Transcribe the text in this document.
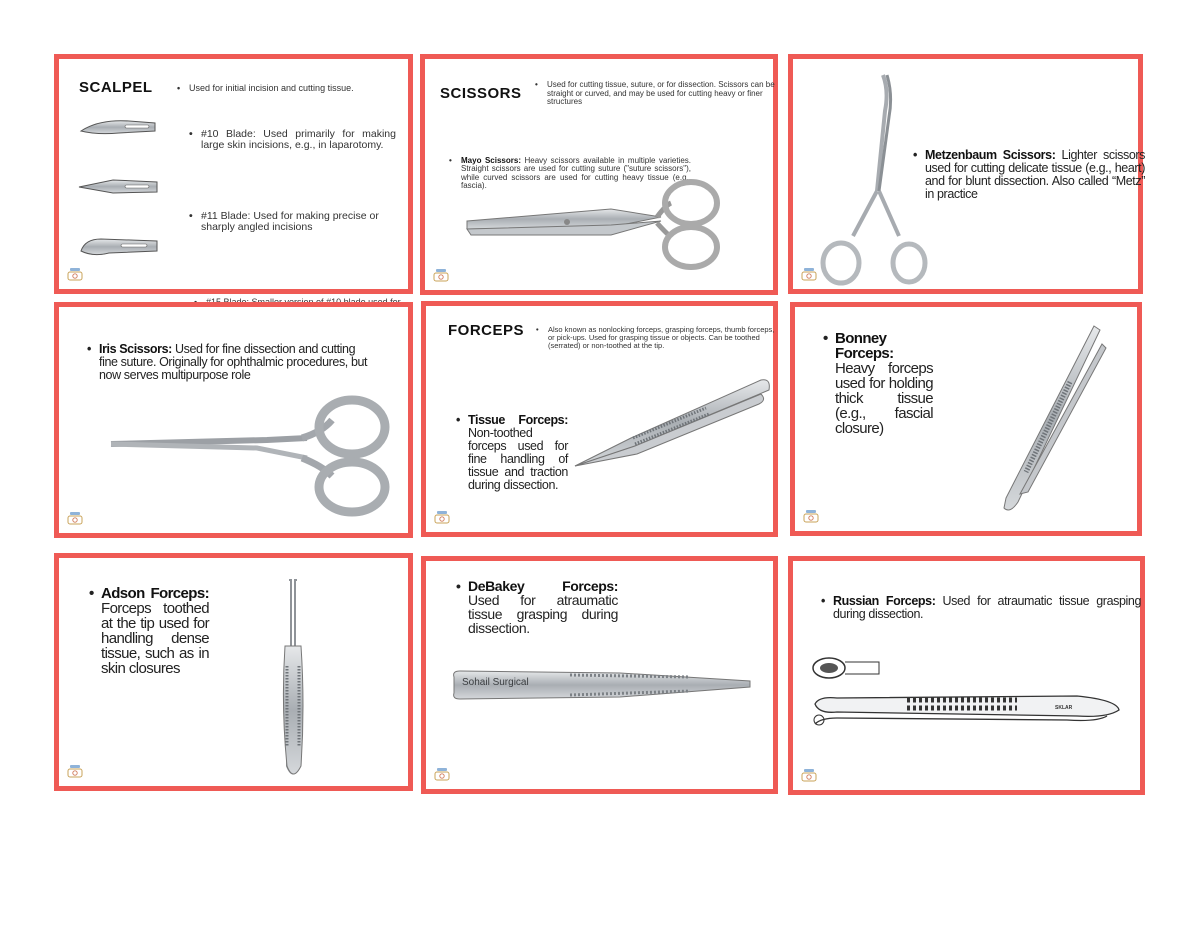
SCALPEL	• Used for initial incision and cutting tissue.
• #10 Blade: Used primarily for making large skin incisions, e.g., in laparotomy.
• #11 Blade: Used for making precise or sharply angled incisions
•
SCISSORS
• Used for cutting tissue, suture, or for dissection. Scissors can be straight or curved, and may be used for cutting heavy or finer structures
• Mayo Scissors: Heavy scissors available in multiple varieties. Straight scissors are used for cutting suture ("suture scissors"), while curved scissors are used for cutting heavy tissue (e.g., fascia).
• Metzenbaum Scissors: Lighter scissors used for cutting delicate tissue (e.g., heart) and for blunt dissection. Also called “Metz” in practice
• Iris Scissors: Used for fine dissection and cutting fine suture. Originally for ophthalmic procedures, but now serves multipurpose role
FORCEPS	• Also known as nonlocking forceps, grasping forceps, thumb forceps, or pick-ups. Used for grasping tissue or objects. Can be toothed (serrated) or non-toothed at the tip.
• Tissue Forceps: Non-toothed forceps used for fine handling of tissue and traction during dissection.
• Bonney Forceps: Heavy forceps used for holding thick tissue (e.g., fascial closure)
• Adson Forceps: Forceps toothed at the tip used for handling dense tissue, such as in skin closures
• DeBakey Forceps: Used for atraumatic tissue grasping during dissection.
Sohail Surgical
• Russian Forceps: Used for atraumatic tissue grasping during dissection.
SKLAR
